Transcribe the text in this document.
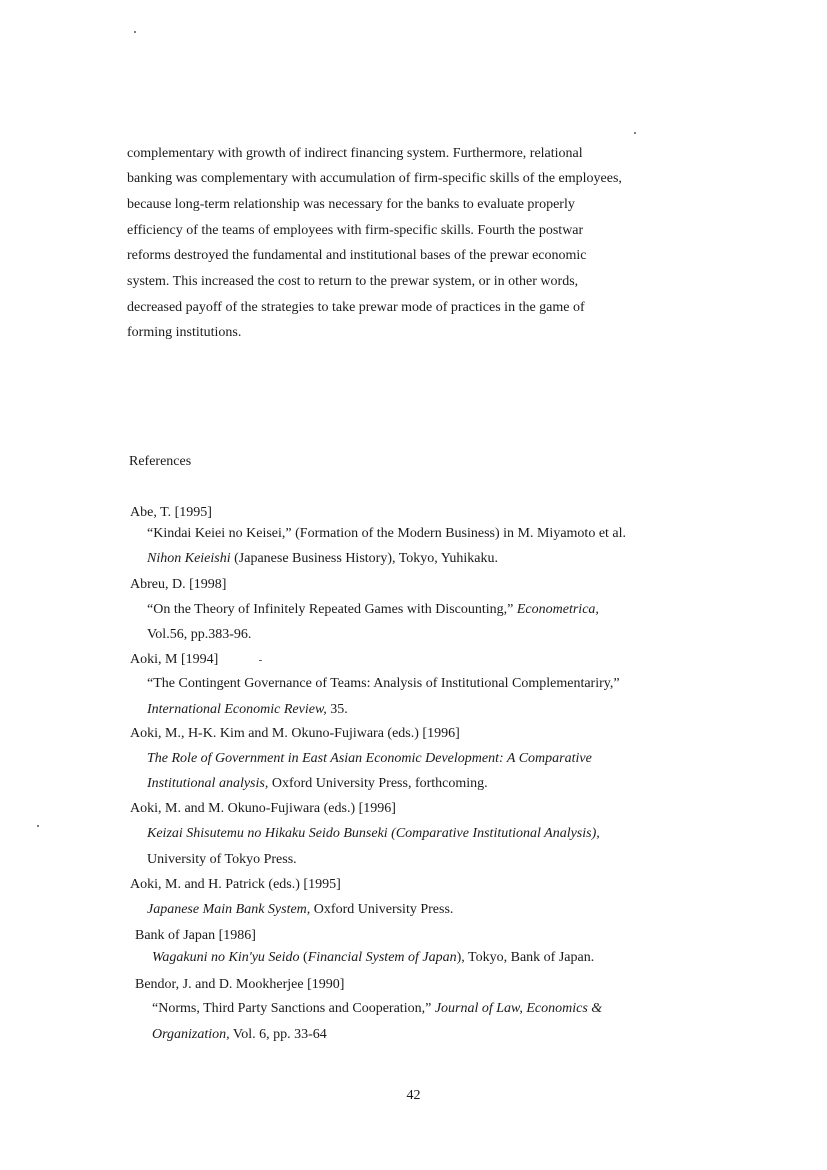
complementary with growth of indirect financing system. Furthermore, relational
banking was complementary with accumulation of firm-specific skills of the employees,
because long-term relationship was necessary for the banks to evaluate properly
efficiency of the teams of employees with firm-specific skills. Fourth the postwar
reforms destroyed the fundamental and institutional bases of the prewar economic
system. This increased the cost to return to the prewar system, or in other words,
decreased payoff of the strategies to take prewar mode of practices in the game of
forming institutions.
References
Abe, T. [1995]
“Kindai Keiei no Keisei,” (Formation of the Modern Business) in M. Miyamoto et al.
Nihon Keieishi (Japanese Business History), Tokyo, Yuhikaku.
Abreu, D. [1998]
“On the Theory of Infinitely Repeated Games with Discounting,” Econometrica,
Vol.56, pp.383-96.
Aoki, M [1994]
“The Contingent Governance of Teams: Analysis of Institutional Complementariry,”
International Economic Review, 35.
Aoki, M., H-K. Kim and M. Okuno-Fujiwara (eds.) [1996]
The Role of Government in East Asian Economic Development: A Comparative
Institutional analysis, Oxford University Press, forthcoming.
Aoki, M. and M. Okuno-Fujiwara (eds.) [1996]
Keizai Shisutemu no Hikaku Seido Bunseki (Comparative Institutional Analysis),
University of Tokyo Press.
Aoki, M. and H. Patrick (eds.) [1995]
Japanese Main Bank System, Oxford University Press.
Bank of Japan [1986]
Wagakuni no Kin'yu Seido (Financial System of Japan), Tokyo, Bank of Japan.
Bendor, J. and D. Mookherjee [1990]
“Norms, Third Party Sanctions and Cooperation,” Journal of Law, Economics &
Organization, Vol. 6, pp. 33-64
42
